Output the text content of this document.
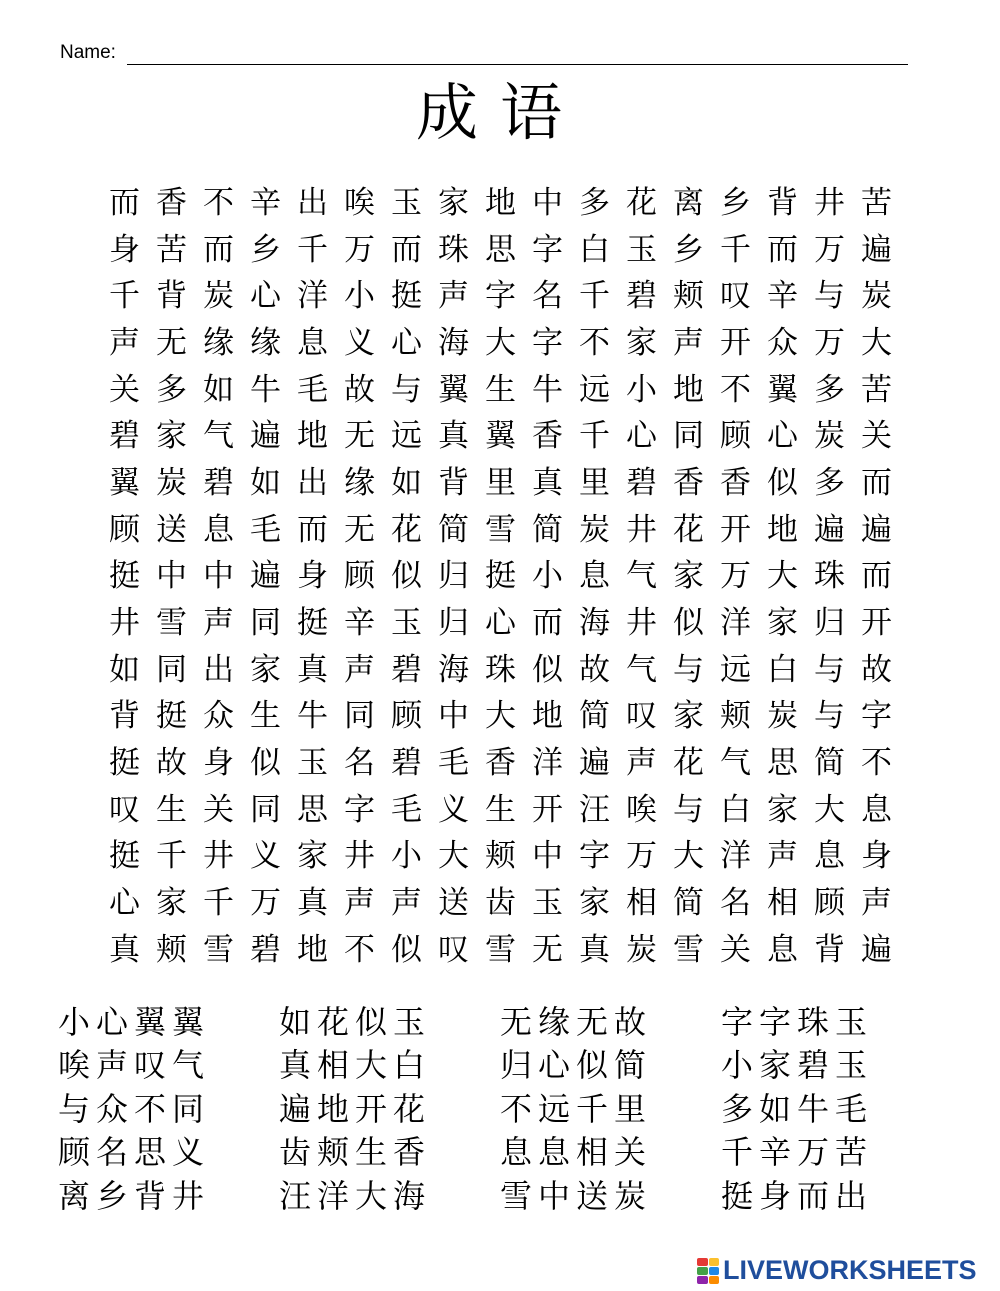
Name:
成语
而 香 不 辛 出 唉 玉 家 地 中 多 花 离 乡 背 井 苦
身 苦 而 乡 千 万 而 珠 思 字 白 玉 乡 千 而 万 遍
千 背 炭 心 洋 小 挺 声 字 名 千 碧 颊 叹 辛 与 炭
声 无 缘 缘 息 义 心 海 大 字 不 家 声 开 众 万 大
关 多 如 牛 毛 故 与 翼 生 牛 远 小 地 不 翼 多 苦
碧 家 气 遍 地 无 远 真 翼 香 千 心 同 顾 心 炭 关
翼 炭 碧 如 出 缘 如 背 里 真 里 碧 香 香 似 多 而
顾 送 息 毛 而 无 花 简 雪 简 炭 井 花 开 地 遍 遍
挺 中 中 遍 身 顾 似 归 挺 小 息 气 家 万 大 珠 而
井 雪 声 同 挺 辛 玉 归 心 而 海 井 似 洋 家 归 开
如 同 出 家 真 声 碧 海 珠 似 故 气 与 远 白 与 故
背 挺 众 生 牛 同 顾 中 大 地 简 叹 家 颊 炭 与 字
挺 故 身 似 玉 名 碧 毛 香 洋 遍 声 花 气 思 简 不
叹 生 关 同 思 字 毛 义 生 开 汪 唉 与 白 家 大 息
挺 千 井 义 家 井 小 大 颊 中 字 万 大 洋 声 息 身
心 家 千 万 真 声 声 送 齿 玉 家 相 简 名 相 顾 声
真 颊 雪 碧 地 不 似 叹 雪 无 真 炭 雪 关 息 背 遍
小心翼翼	如花似玉	无缘无故	字字珠玉
唉声叹气	真相大白	归心似简	小家碧玉
与众不同	遍地开花	不远千里	多如牛毛
顾名思义	齿颊生香	息息相关	千辛万苦
离乡背井	汪洋大海	雪中送炭	挺身而出
LIVEWORKSHEETS
